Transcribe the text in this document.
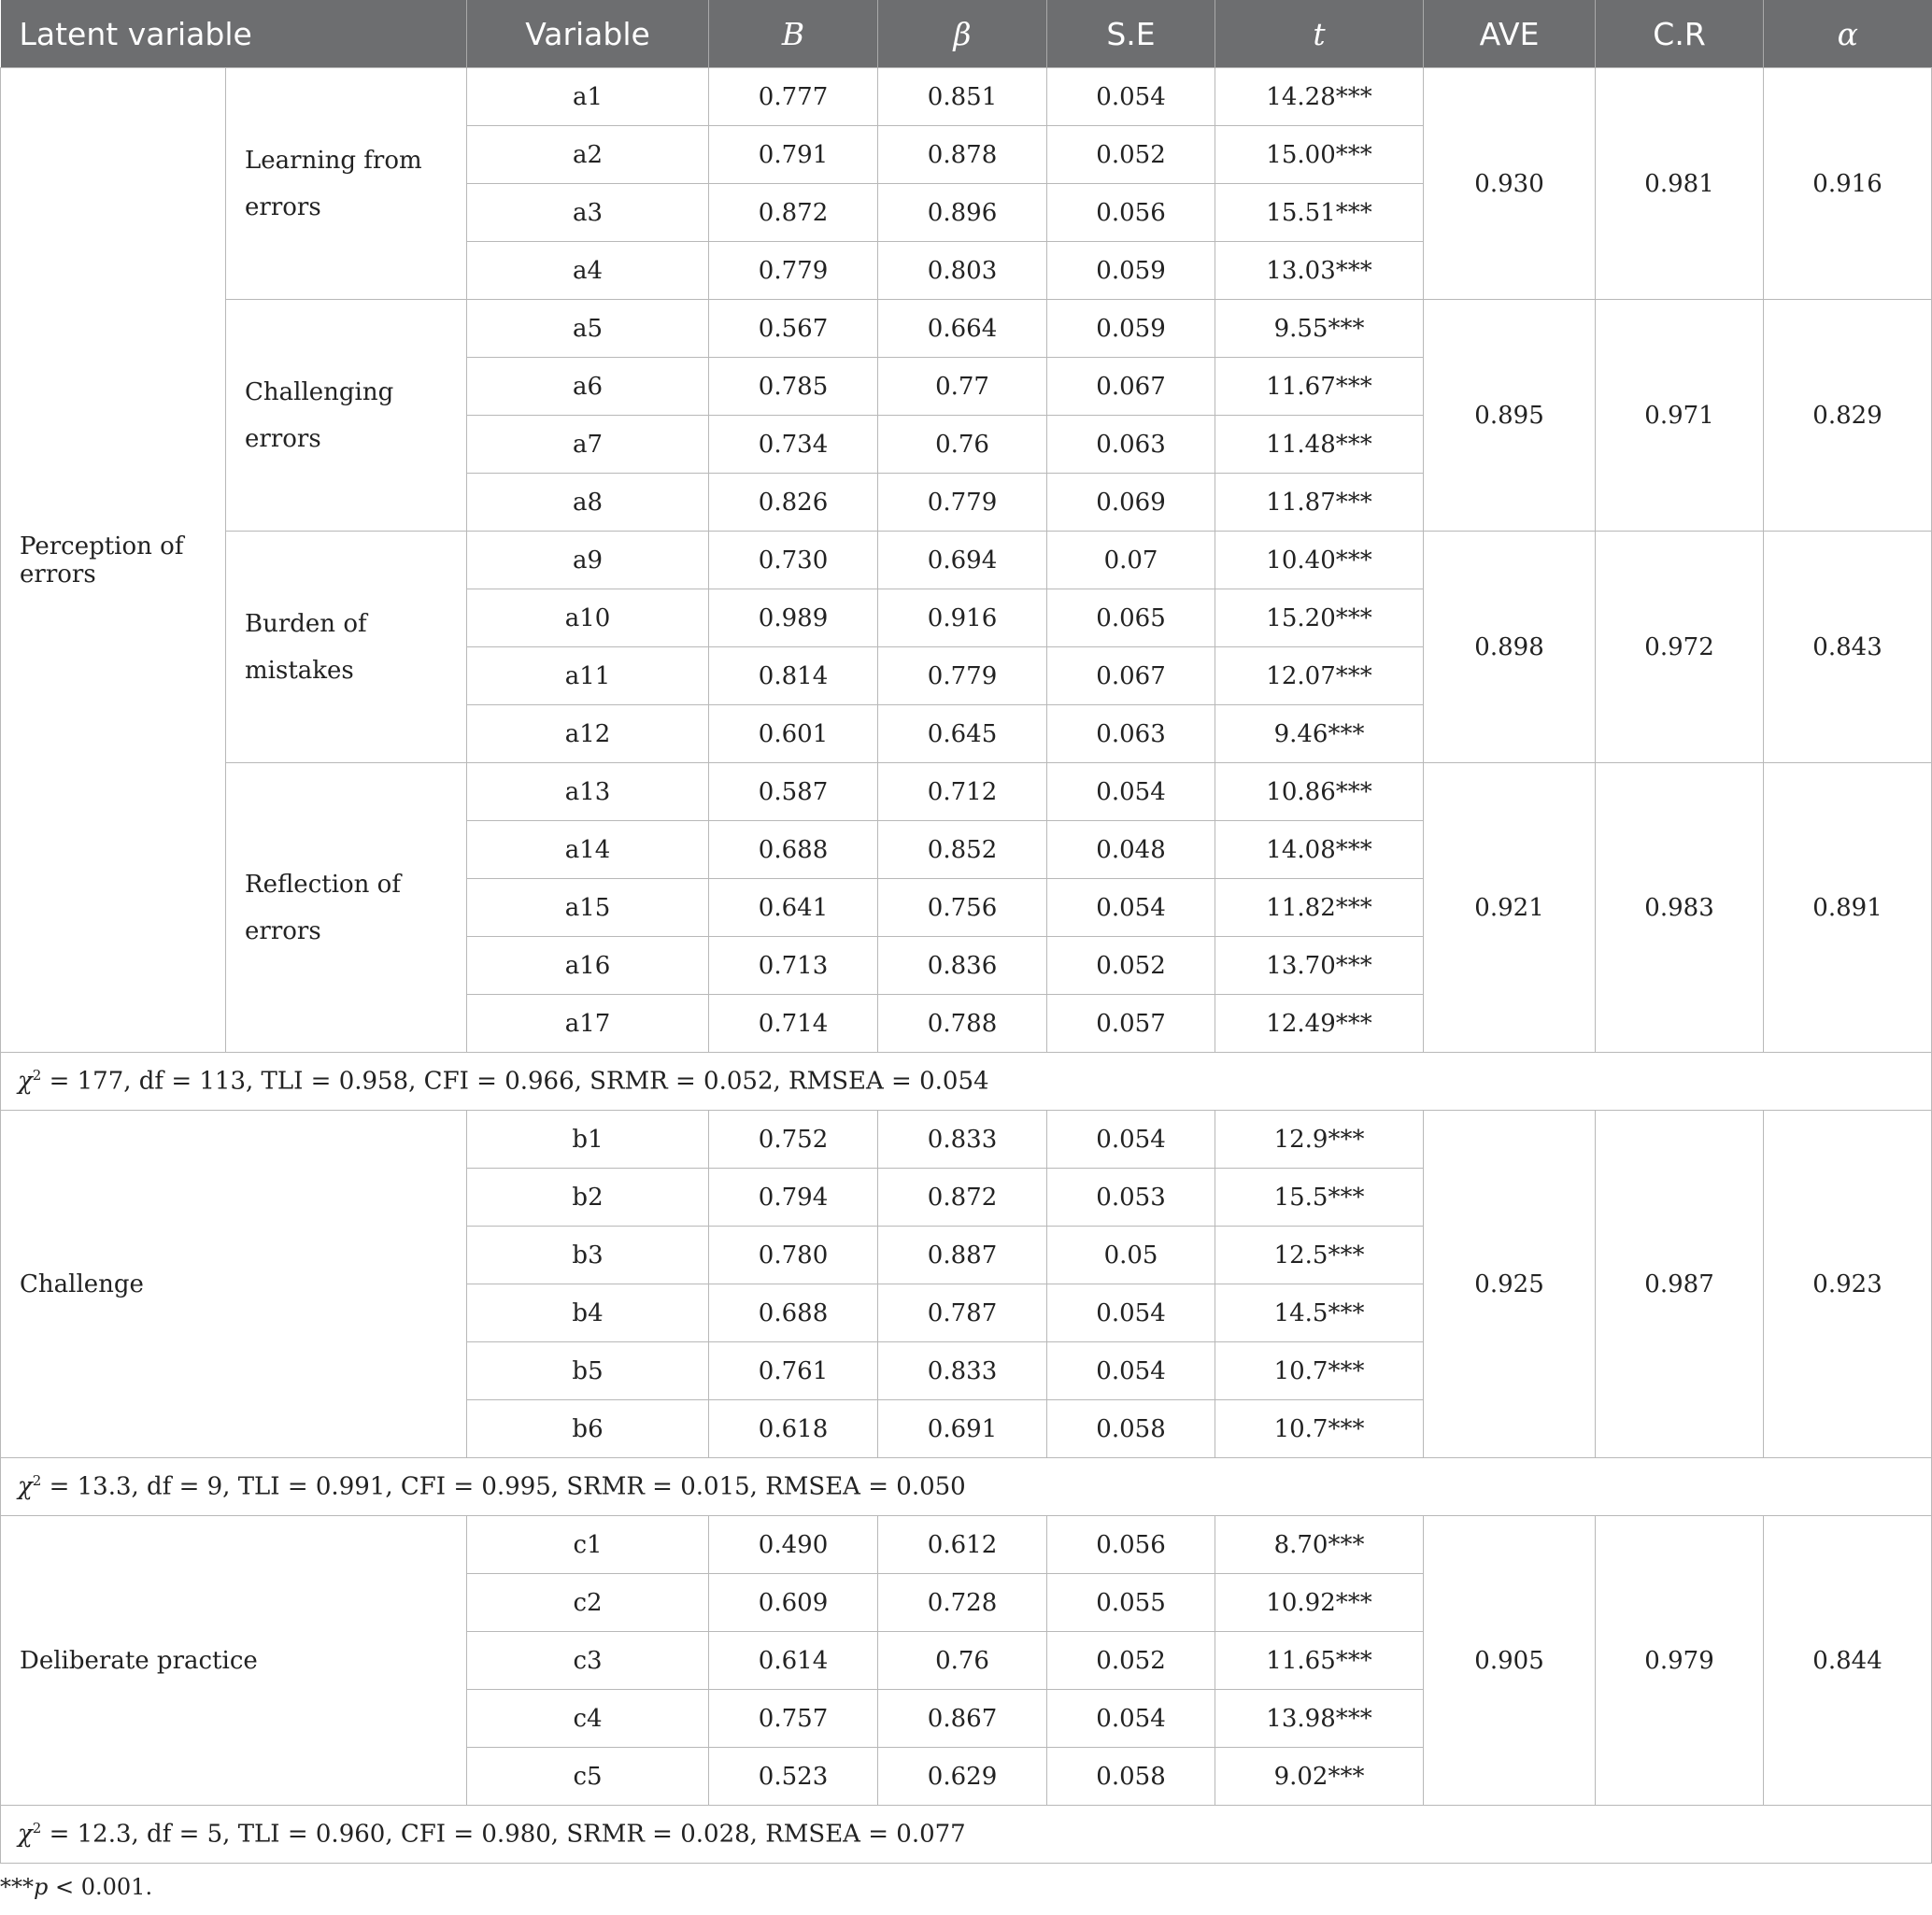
Latent variable		Variable	B	β	S.E	t	AVE	C.R	α
Perception of errors	Learning from errors	a1	0.777	0.851	0.054	14.28***	0.930	0.981	0.916
		a2	0.791	0.878	0.052	15.00***			
		a3	0.872	0.896	0.056	15.51***			
		a4	0.779	0.803	0.059	13.03***			
	Challenging errors	a5	0.567	0.664	0.059	9.55***	0.895	0.971	0.829
		a6	0.785	0.77	0.067	11.67***			
		a7	0.734	0.76	0.063	11.48***			
		a8	0.826	0.779	0.069	11.87***			
	Burden of mistakes	a9	0.730	0.694	0.07	10.40***	0.898	0.972	0.843
		a10	0.989	0.916	0.065	15.20***			
		a11	0.814	0.779	0.067	12.07***			
		a12	0.601	0.645	0.063	9.46***			
	Reflection of errors	a13	0.587	0.712	0.054	10.86***	0.921	0.983	0.891
		a14	0.688	0.852	0.048	14.08***			
		a15	0.641	0.756	0.054	11.82***			
		a16	0.713	0.836	0.052	13.70***			
		a17	0.714	0.788	0.057	12.49***			
$\chi^2 = 177$, df = 113, TLI = 0.958, CFI = 0.966, SRMR = 0.052, RMSEA = 0.054									
Challenge		b1	0.752	0.833	0.054	12.9***	0.925	0.987	0.923
		b2	0.794	0.872	0.053	15.5***			
		b3	0.780	0.887	0.05	12.5***			
		b4	0.688	0.787	0.054	14.5***			
		b5	0.761	0.833	0.054	10.7***			
		b6	0.618	0.691	0.058	10.7***			
$\chi^2 = 13.3$, df = 9, TLI = 0.991, CFI = 0.995, SRMR = 0.015, RMSEA = 0.050									
Deliberate practice		c1	0.490	0.612	0.056	8.70***	0.905	0.979	0.844
		c2	0.609	0.728	0.055	10.92***			
		c3	0.614	0.76	0.052	11.65***			
		c4	0.757	0.867	0.054	13.98***			
		c5	0.523	0.629	0.058	9.02***			
$\chi^2 = 12.3$, df = 5, TLI = 0.960, CFI = 0.980, SRMR = 0.028, RMSEA = 0.077									
***p < 0.001.
